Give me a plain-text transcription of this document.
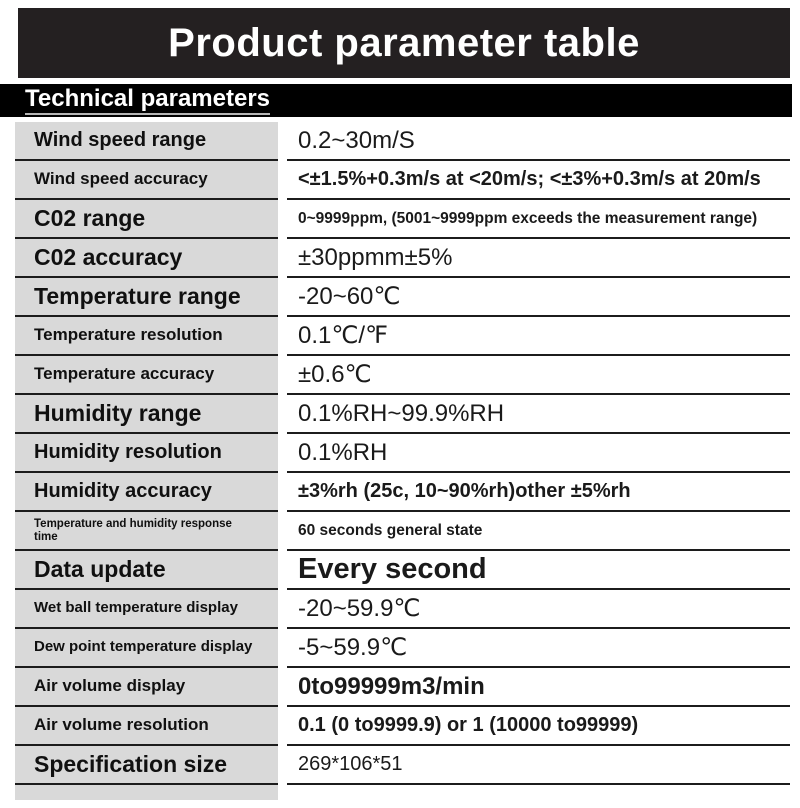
Product parameter table
Technical parameters
Wind speed range	0.2~30m/S
Wind speed accuracy	<±1.5%+0.3m/s at <20m/s; <±3%+0.3m/s at 20m/s
C02 range	0~9999ppm, (5001~9999ppm exceeds the measurement range)
C02 accuracy	±30ppmm±5%
Temperature range	-20~60℃
Temperature resolution	0.1℃/℉
Temperature accuracy	±0.6℃
Humidity range	0.1%RH~99.9%RH
Humidity resolution	0.1%RH
Humidity accuracy	±3%rh (25c, 10~90%rh)other ±5%rh
Temperature and humidity response time	60 seconds general state
Data update	Every second
Wet ball temperature display	-20~59.9℃
Dew point temperature display	-5~59.9℃
Air volume display	0to99999m3/min
Air volume resolution	0.1 (0 to9999.9) or 1 (10000 to99999)
Specification size	269*106*51
